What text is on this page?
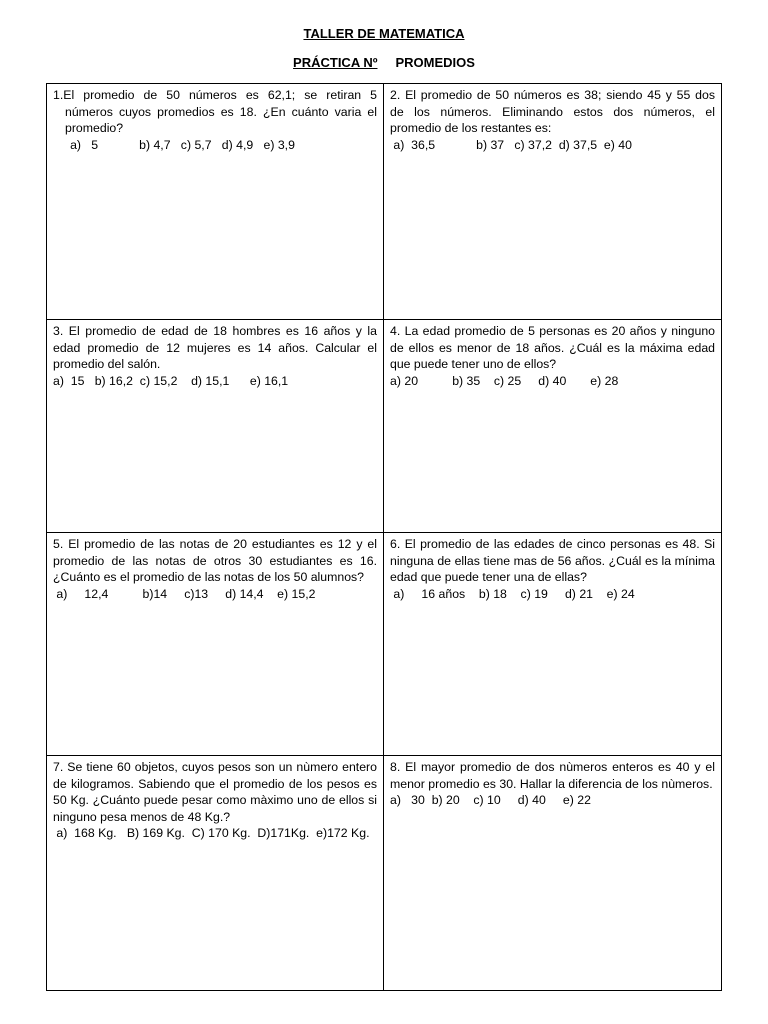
TALLER DE MATEMATICA
PRÁCTICA Nº PROMEDIOS

1.El promedio de 50 números es 62,1; se retiran 5 números cuyos promedios es 18. ¿En cuánto varia el promedio?

a)   5            b) 4,7   c) 5,7   d) 4,9   e) 3,9

2. El promedio de 50 números es 38; siendo 45 y 55 dos de los números. Eliminando estos dos números, el promedio de los restantes es:

a)  36,5            b) 37   c) 37,2  d) 37,5  e) 40

3. El promedio de edad de 18 hombres es 16 años y la edad promedio de 12 mujeres es 14 años. Calcular el promedio del salón.

a)  15   b) 16,2  c) 15,2    d) 15,1      e) 16,1

4. La edad promedio de 5 personas es 20 años y ninguno de ellos es menor de 18 años. ¿Cuál es la máxima edad que puede tener uno de ellos?

a) 20          b) 35    c) 25     d) 40       e) 28

5. El promedio de las notas de 20 estudiantes es 12 y el promedio de las notas de otros 30 estudiantes es 16. ¿Cuánto es el promedio de las notas de los 50 alumnos?

a)     12,4          b)14     c)13     d) 14,4    e) 15,2

6. El promedio de las edades de cinco personas es 48. Si ninguna de ellas tiene mas de 56 años. ¿Cuál es la mínima edad que puede tener una de ellas?

a)     16 años    b) 18    c) 19     d) 21    e) 24

7. Se tiene 60 objetos, cuyos pesos son un nùmero entero de kilogramos. Sabiendo que el promedio de los pesos es 50 Kg. ¿Cuánto puede pesar como màximo uno de ellos si ninguno pesa menos de 48 Kg.?

a)  168 Kg.   B) 169 Kg.  C) 170 Kg.  D)171Kg.  e)172 Kg.

8. El mayor promedio de dos nùmeros enteros es 40 y el menor promedio es 30. Hallar la diferencia de los nùmeros.

a)   30  b) 20    c) 10     d) 40     e) 22
